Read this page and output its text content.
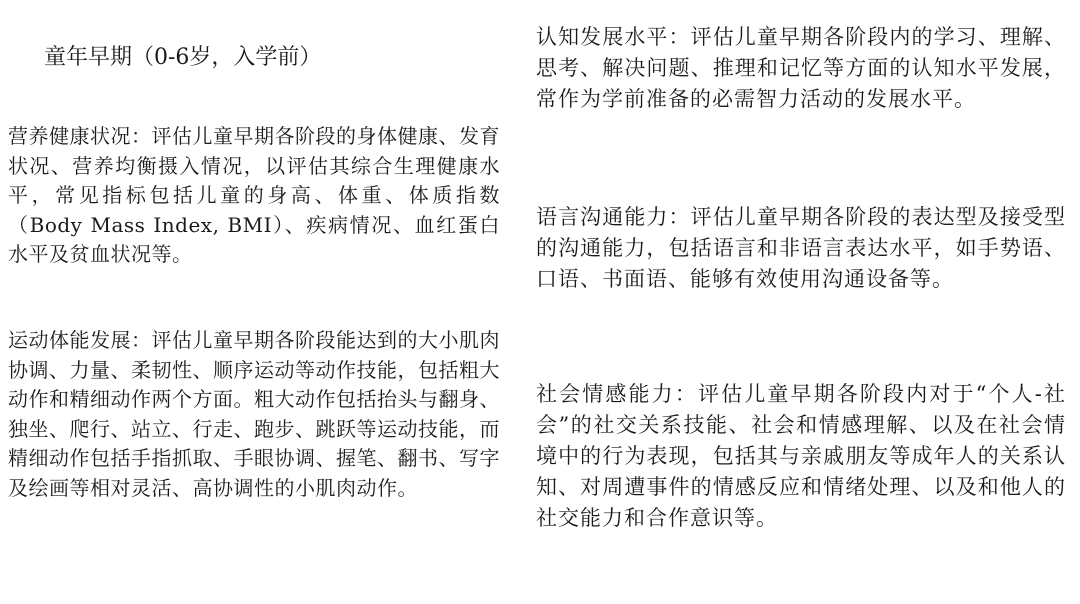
童年早期（0-6岁，入学前）

营养健康状况：评估儿童早期各阶段的身体健康、发育状况、营养均衡摄入情况，以评估其综合生理健康水平，常见指标包括儿童的身高、体重、体质指数（Body Mass Index, BMI）、疾病情况、血红蛋白水平及贫血状况等。

运动体能发展：评估儿童早期各阶段能达到的大小肌肉协调、力量、柔韧性、顺序运动等动作技能，包括粗大动作和精细动作两个方面。粗大动作包括抬头与翻身、独坐、爬行、站立、行走、跑步、跳跃等运动技能，而精细动作包括手指抓取、手眼协调、握笔、翻书、写字及绘画等相对灵活、高协调性的小肌肉动作。

认知发展水平：评估儿童早期各阶段内的学习、理解、思考、解决问题、推理和记忆等方面的认知水平发展，常作为学前准备的必需智力活动的发展水平。

语言沟通能力：评估儿童早期各阶段的表达型及接受型的沟通能力，包括语言和非语言表达水平，如手势语、口语、书面语、能够有效使用沟通设备等。

社会情感能力：评估儿童早期各阶段内对于“个人-社会”的社交关系技能、社会和情感理解、以及在社会情境中的行为表现，包括其与亲戚朋友等成年人的关系认知、对周遭事件的情感反应和情绪处理、以及和他人的社交能力和合作意识等。
